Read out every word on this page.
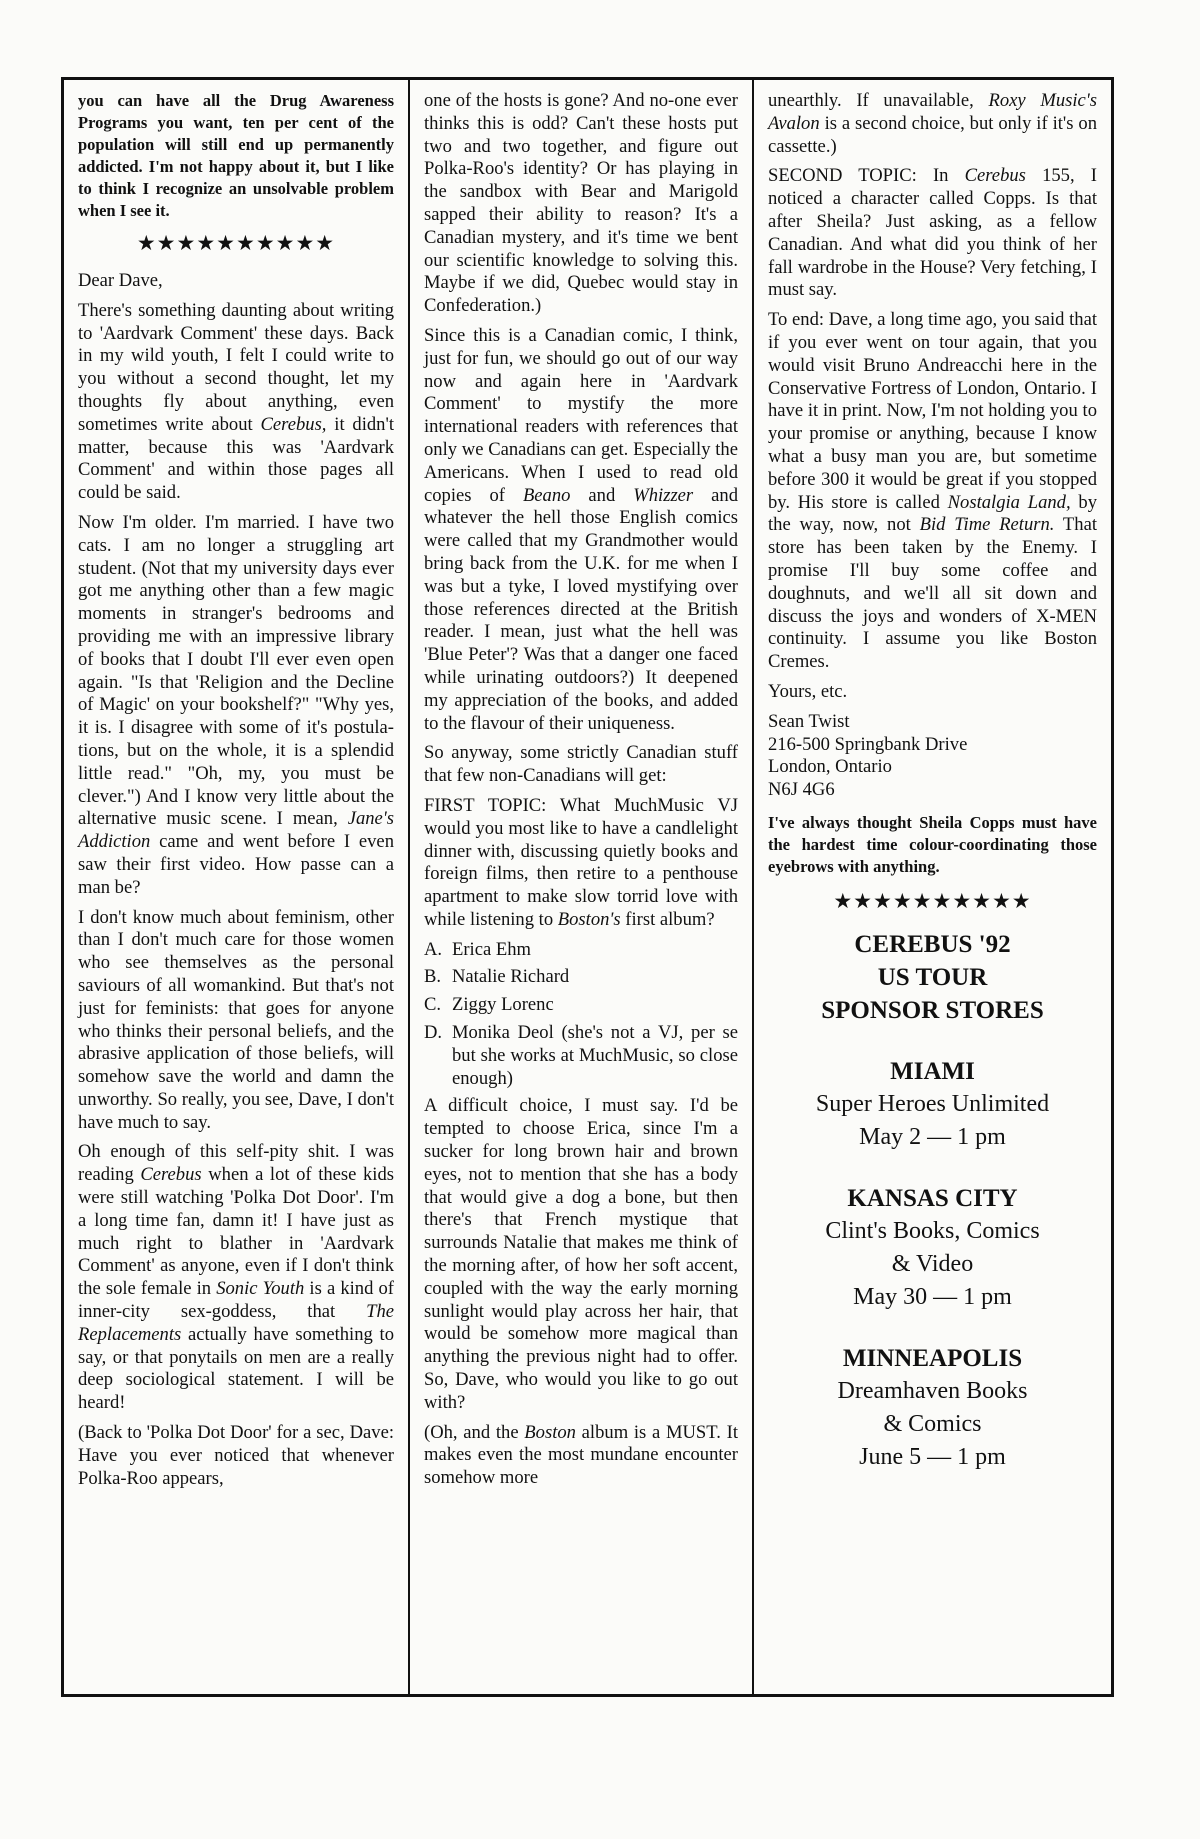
you can have all the Drug Awareness Programs you want, ten per cent of the population will still end up permanently addicted. I'm not happy about it, but I like to think I recognize an unsolvable problem when I see it.

★★★★★★★★★★

Dear Dave,

There's something daunting about writing to 'Aardvark Comment' these days. Back in my wild youth, I felt I could write to you without a second thought, let my thoughts fly about anything, even sometimes write about Cerebus, it didn't matter, because this was 'Aardvark Comment' and within those pages all could be said.

Now I'm older. I'm married. I have two cats. I am no longer a struggling art student. (Not that my university days ever got me anything other than a few magic moments in stranger's bedrooms and providing me with an impressive library of books that I doubt I'll ever even open again. "Is that 'Religion and the Decline of Magic' on your bookshelf?" "Why yes, it is. I disagree with some of it's postulations, but on the whole, it is a splendid little read." "Oh, my, you must be clever.") And I know very little about the alternative music scene. I mean, Jane's Addiction came and went before I even saw their first video. How passe can a man be?

I don't know much about feminism, other than I don't much care for those women who see themselves as the personal saviours of all womankind. But that's not just for feminists: that goes for anyone who thinks their personal beliefs, and the abrasive application of those beliefs, will somehow save the world and damn the unworthy. So really, you see, Dave, I don't have much to say.

Oh enough of this self-pity shit. I was reading Cerebus when a lot of these kids were still watching 'Polka Dot Door'. I'm a long time fan, damn it! I have just as much right to blather in 'Aardvark Comment' as anyone, even if I don't think the sole female in Sonic Youth is a kind of inner-city sex-goddess, that The Replacements actually have something to say, or that ponytails on men are a really deep sociological statement. I will be heard!

(Back to 'Polka Dot Door' for a sec, Dave: Have you ever noticed that whenever Polka-Roo appears,

one of the hosts is gone? And no-one ever thinks this is odd? Can't these hosts put two and two together, and figure out Polka-Roo's identity? Or has playing in the sandbox with Bear and Marigold sapped their ability to reason? It's a Canadian mystery, and it's time we bent our scientific knowledge to solving this. Maybe if we did, Quebec would stay in Confederation.)

Since this is a Canadian comic, I think, just for fun, we should go out of our way now and again here in 'Aardvark Comment' to mystify the more international readers with references that only we Canadians can get. Especially the Americans. When I used to read old copies of Beano and Whizzer and whatever the hell those English comics were called that my Grandmother would bring back from the U.K. for me when I was but a tyke, I loved mystifying over those references directed at the British reader. I mean, just what the hell was 'Blue Peter'? Was that a danger one faced while urinating outdoors?) It deepened my appreciation of the books, and added to the flavour of their uniqueness.

So anyway, some strictly Canadian stuff that few non-Canadians will get:

FIRST TOPIC: What MuchMusic VJ would you most like to have a candlelight dinner with, discussing quietly books and foreign films, then retire to a penthouse apartment to make slow torrid love with while listening to Boston's first album?

A. Erica Ehm
B. Natalie Richard
C. Ziggy Lorenc
D. Monika Deol (she's not a VJ, per se but she works at MuchMusic, so close enough)

A difficult choice, I must say. I'd be tempted to choose Erica, since I'm a sucker for long brown hair and brown eyes, not to mention that she has a body that would give a dog a bone, but then there's that French mystique that surrounds Natalie that makes me think of the morning after, of how her soft accent, coupled with the way the early morning sunlight would play across her hair, that would be somehow more magical than anything the previous night had to offer. So, Dave, who would you like to go out with?

(Oh, and the Boston album is a MUST. It makes even the most mundane encounter somehow more

unearthly. If unavailable, Roxy Music's Avalon is a second choice, but only if it's on cassette.)

SECOND TOPIC: In Cerebus 155, I noticed a character called Copps. Is that after Sheila? Just asking, as a fellow Canadian. And what did you think of her fall wardrobe in the House? Very fetching, I must say.

To end: Dave, a long time ago, you said that if you ever went on tour again, that you would visit Bruno Andreacchi here in the Conservative Fortress of London, Ontario. I have it in print. Now, I'm not holding you to your promise or anything, because I know what a busy man you are, but sometime before 300 it would be great if you stopped by. His store is called Nostalgia Land, by the way, now, not Bid Time Return. That store has been taken by the Enemy. I promise I'll buy some coffee and doughnuts, and we'll all sit down and discuss the joys and wonders of X-MEN continuity. I assume you like Boston Cremes.

Yours, etc.

Sean Twist

216-500 Springbank Drive

London, Ontario

N6J 4G6

I've always thought Sheila Copps must have the hardest time colour-coordinating those eyebrows with anything.

★★★★★★★★★★
CEREBUS '92
US TOUR
SPONSOR STORES
MIAMI
Super Heroes Unlimited
May 2 — 1 pm
KANSAS CITY
Clint's Books, Comics
& Video
May 30 — 1 pm
MINNEAPOLIS
Dreamhaven Books
& Comics
June 5 — 1 pm
